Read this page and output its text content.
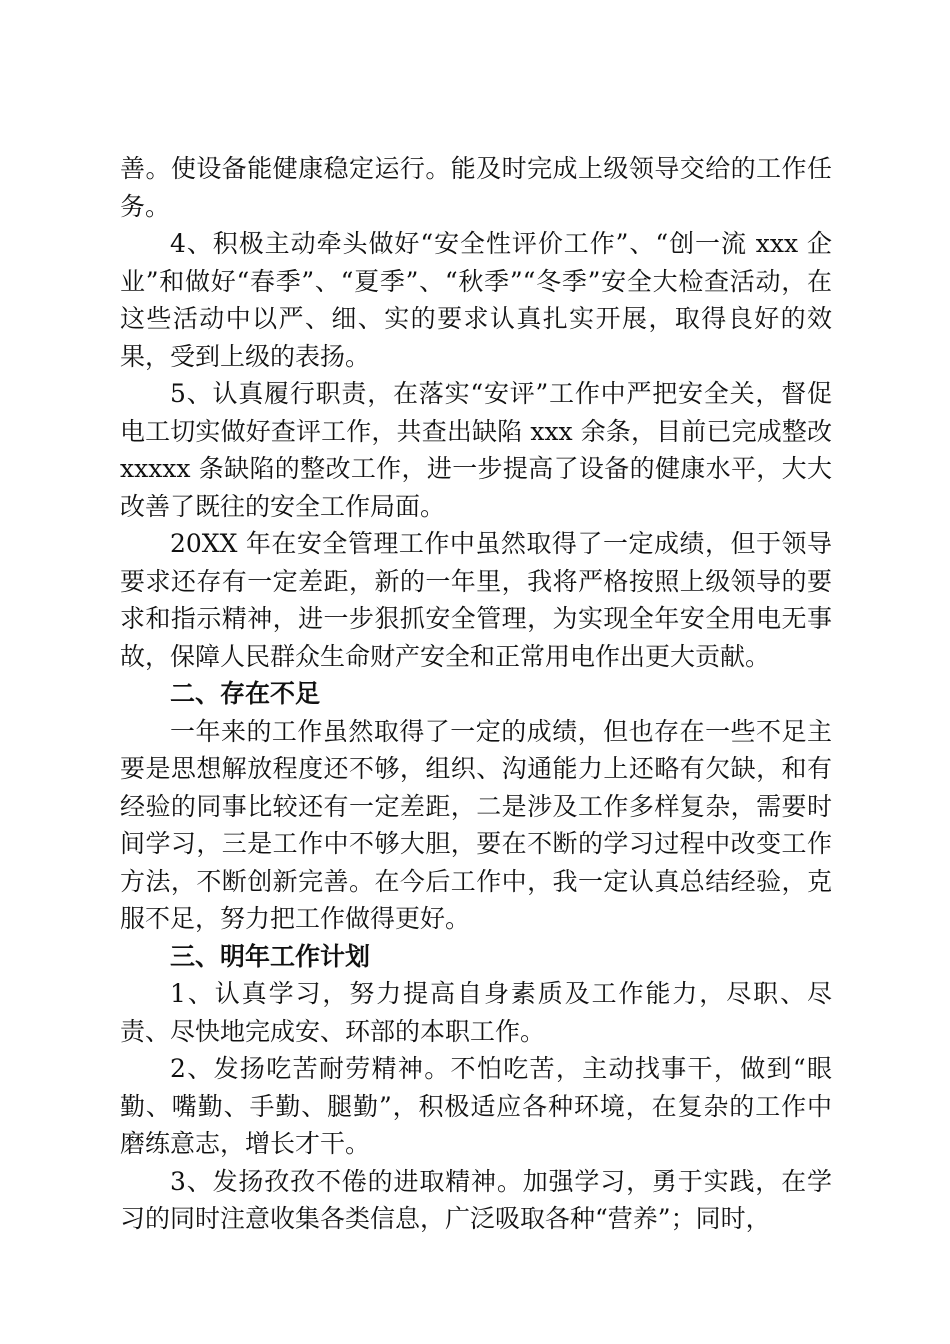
善。使设备能健康稳定运行。能及时完成上级领导交给的工作任务。

4、积极主动牵头做好“安全性评价工作”、“创一流 xxx 企业”和做好“春季”、“夏季”、“秋季”“冬季”安全大检查活动，在这些活动中以严、细、实的要求认真扎实开展，取得良好的效果，受到上级的表扬。

5、认真履行职责，在落实“安评”工作中严把安全关，督促电工切实做好查评工作，共查出缺陷 xxx 余条，目前已完成整改 xxxxx 条缺陷的整改工作，进一步提高了设备的健康水平，大大改善了既往的安全工作局面。

20XX 年在安全管理工作中虽然取得了一定成绩，但于领导要求还存有一定差距，新的一年里，我将严格按照上级领导的要求和指示精神，进一步狠抓安全管理，为实现全年安全用电无事故，保障人民群众生命财产安全和正常用电作出更大贡献。

二、存在不足

一年来的工作虽然取得了一定的成绩，但也存在一些不足主要是思想解放程度还不够，组织、沟通能力上还略有欠缺，和有经验的同事比较还有一定差距，二是涉及工作多样复杂，需要时间学习，三是工作中不够大胆，要在不断的学习过程中改变工作方法，不断创新完善。在今后工作中，我一定认真总结经验，克服不足，努力把工作做得更好。

三、明年工作计划

1、认真学习，努力提高自身素质及工作能力，尽职、尽责、尽快地完成安、环部的本职工作。

2、发扬吃苦耐劳精神。不怕吃苦，主动找事干，做到“眼勤、嘴勤、手勤、腿勤”，积极适应各种环境，在复杂的工作中磨练意志，增长才干。

3、发扬孜孜不倦的进取精神。加强学习，勇于实践，在学习的同时注意收集各类信息，广泛吸取各种“营养”；同时，
